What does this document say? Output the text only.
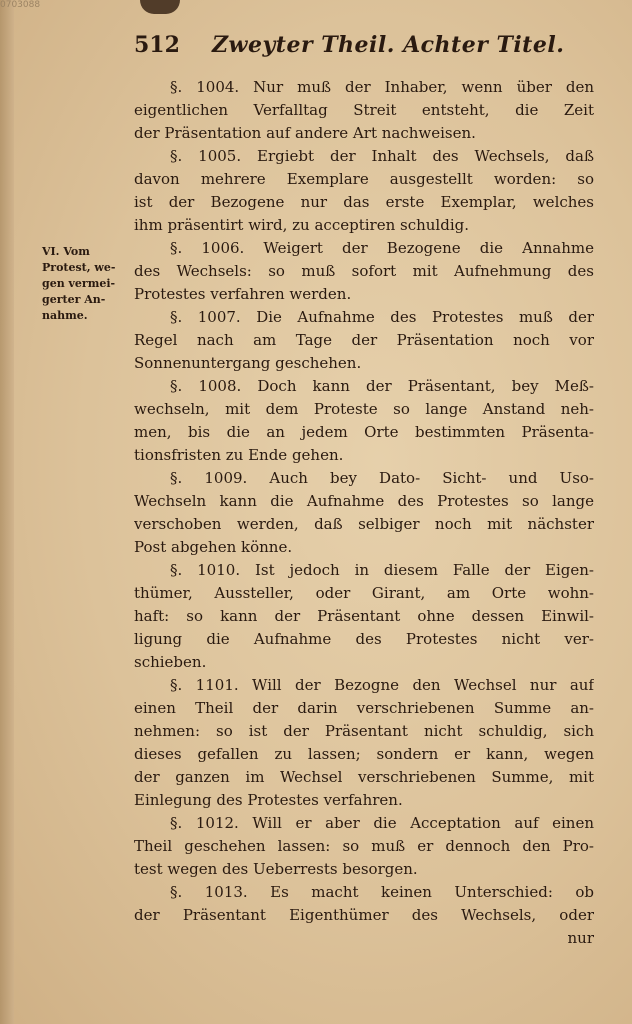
0703088
512 Zweyter Theil. Achter Titel.
VI. Vom
Protest, we-
gen vermei-
gerter An-
nahme.
§. 1004. Nur muß der Inhaber, wenn über den
eigentlichen Verfalltag Streit entsteht, die Zeit
der Präsentation auf andere Art nachweisen.
§. 1005. Ergiebt der Inhalt des Wechsels, daß
davon mehrere Exemplare ausgestellt worden: so
ist der Bezogene nur das erste Exemplar, welches
ihm präsentirt wird, zu acceptiren schuldig.
§. 1006. Weigert der Bezogene die Annahme
des Wechsels: so muß sofort mit Aufnehmung des
Protestes verfahren werden.
§. 1007. Die Aufnahme des Protestes muß der
Regel nach am Tage der Präsentation noch vor
Sonnenuntergang geschehen.
§. 1008. Doch kann der Präsentant, bey Meß-
wechseln, mit dem Proteste so lange Anstand neh-
men, bis die an jedem Orte bestimmten Präsenta-
tionsfristen zu Ende gehen.
§. 1009. Auch bey Dato- Sicht- und Uso-
Wechseln kann die Aufnahme des Protestes so lange
verschoben werden, daß selbiger noch mit nächster
Post abgehen könne.
§. 1010. Ist jedoch in diesem Falle der Eigen-
thümer, Aussteller, oder Girant, am Orte wohn-
haft: so kann der Präsentant ohne dessen Einwil-
ligung die Aufnahme des Protestes nicht ver-
schieben.
§. 1101. Will der Bezogne den Wechsel nur auf
einen Theil der darin verschriebenen Summe an-
nehmen: so ist der Präsentant nicht schuldig, sich
dieses gefallen zu lassen; sondern er kann, wegen
der ganzen im Wechsel verschriebenen Summe, mit
Einlegung des Protestes verfahren.
§. 1012. Will er aber die Acceptation auf einen
Theil geschehen lassen: so muß er dennoch den Pro-
test wegen des Ueberrests besorgen.
§. 1013. Es macht keinen Unterschied: ob
der Präsentant Eigenthümer des Wechsels, oder
nur
